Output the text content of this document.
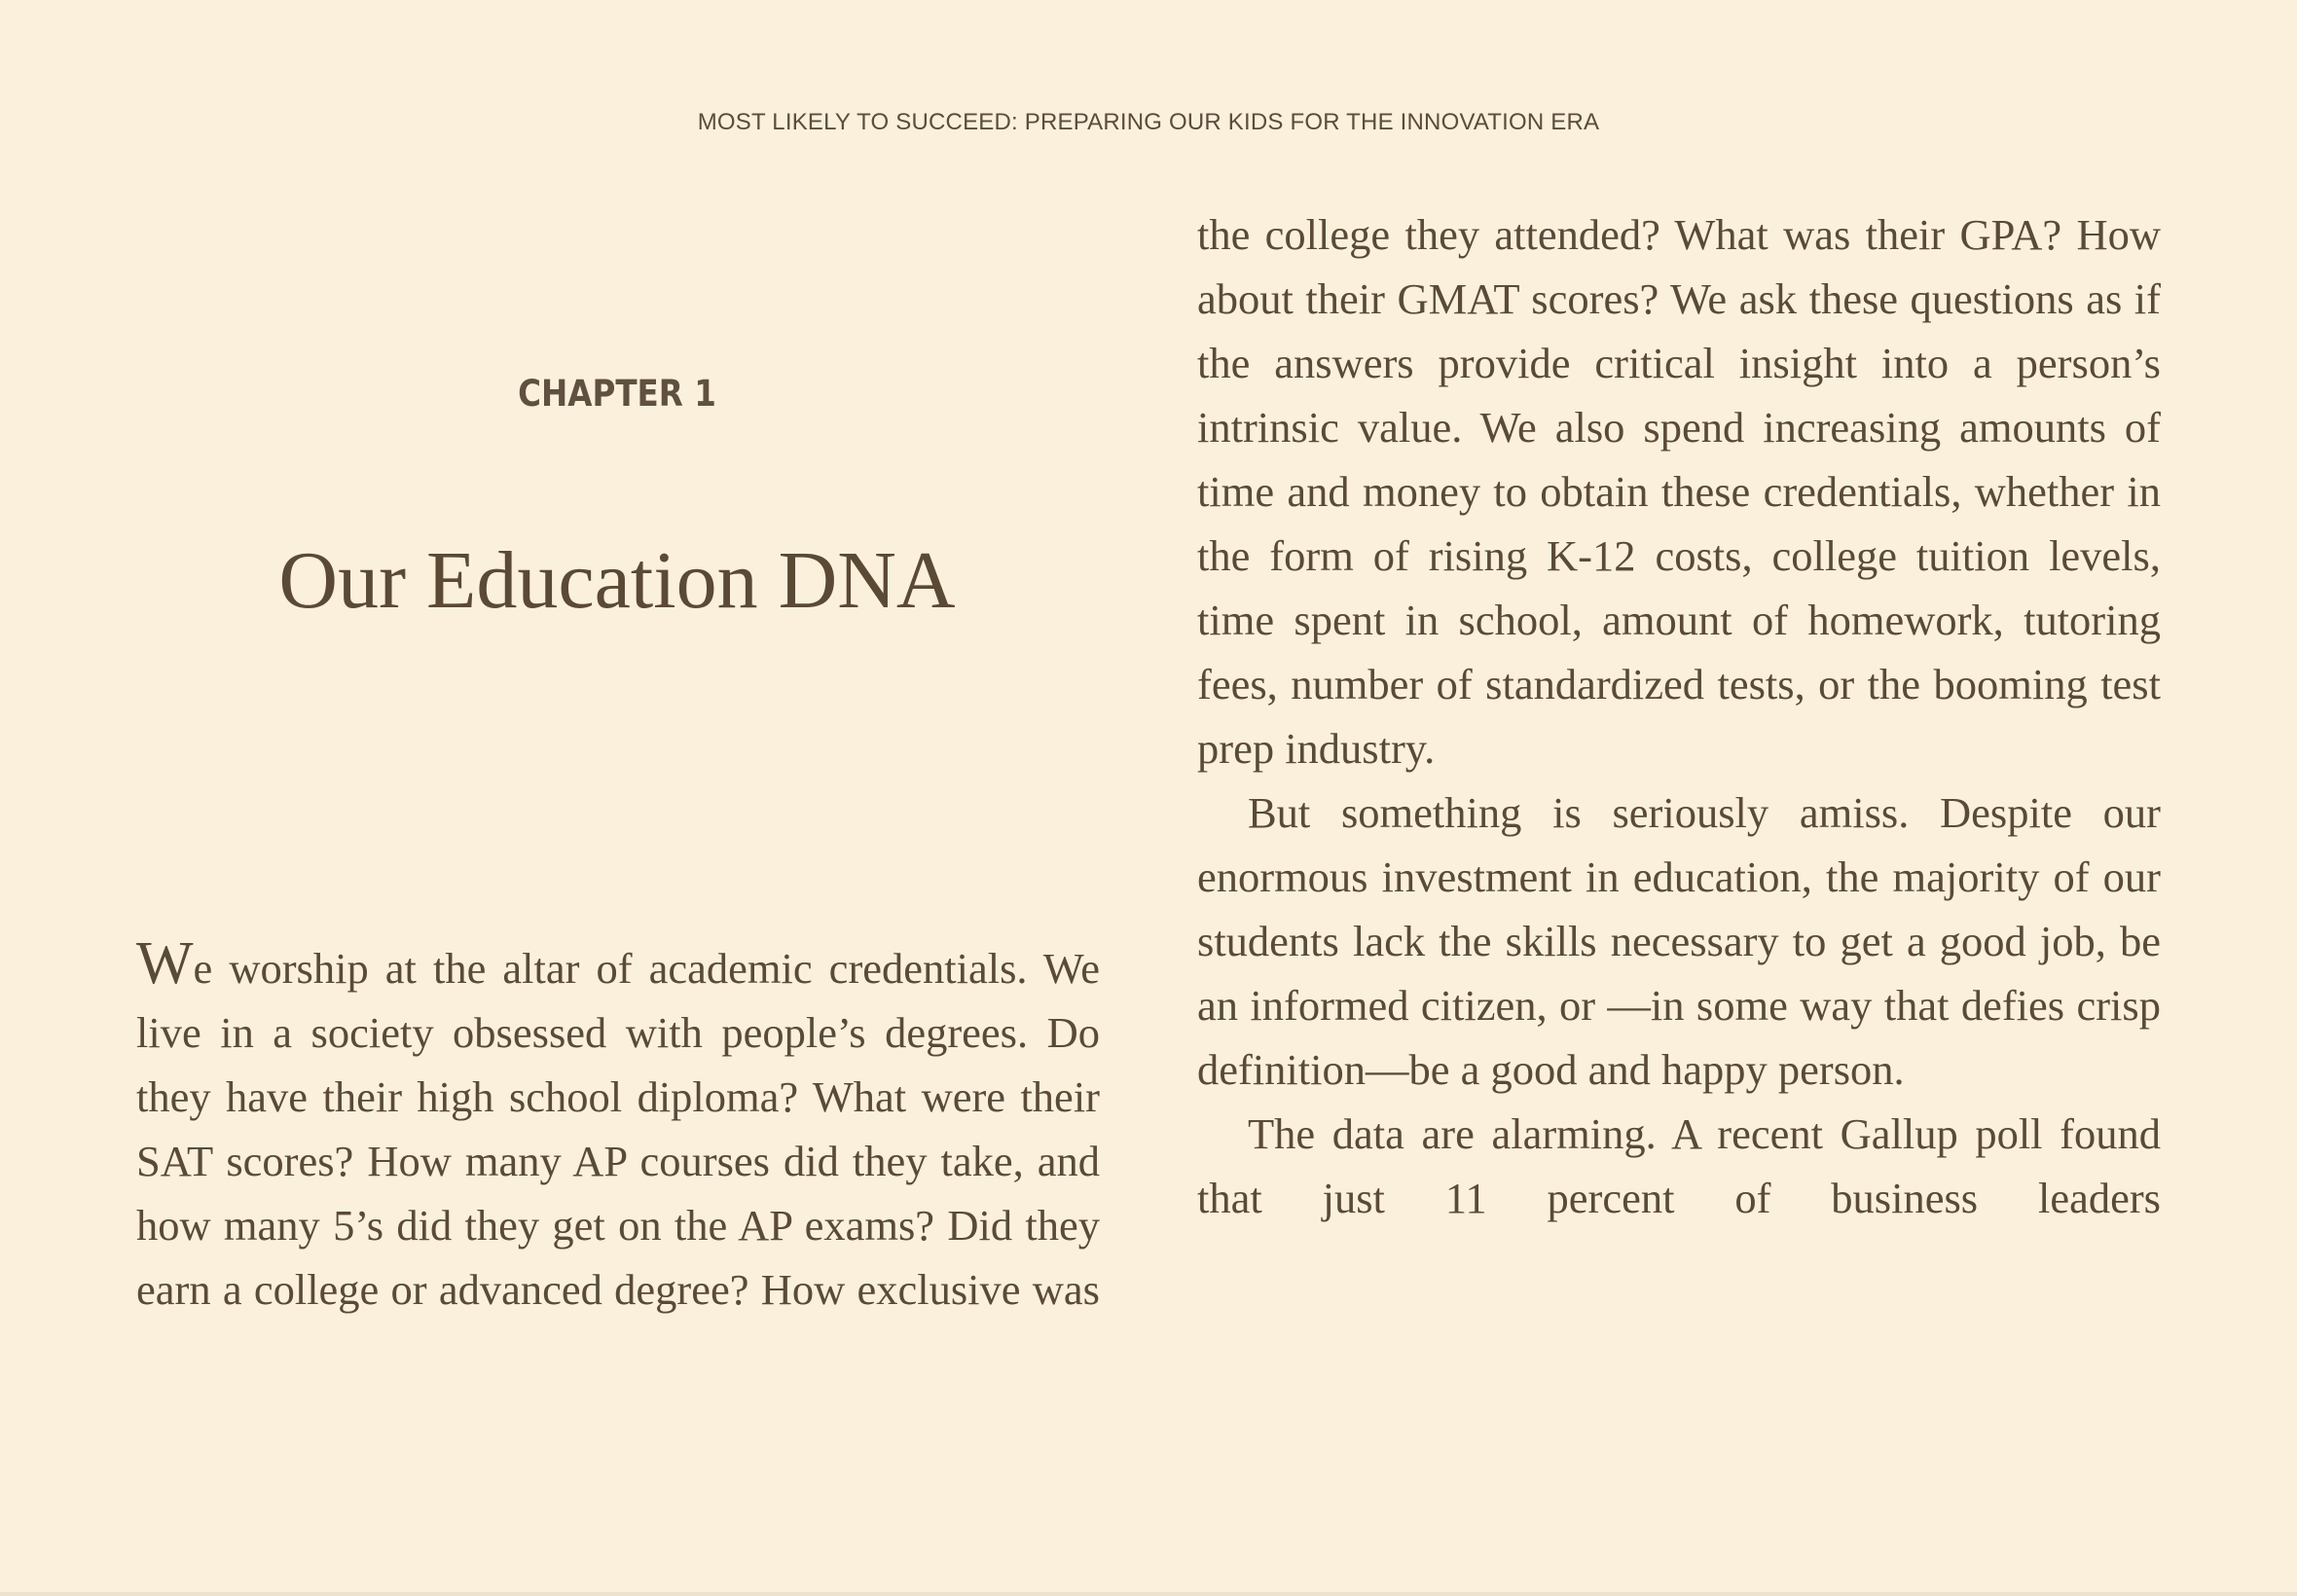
MOST LIKELY TO SUCCEED: PREPARING OUR KIDS FOR THE INNOVATION ERA
CHAPTER 1
Our Education DNA

We worship at the altar of academic credentials. We live in a society obsessed with people’s degrees. Do they have their high school diploma? What were their SAT scores? How many AP courses did they take, and how many 5’s did they get on the AP exams? Did they earn a college or advanced degree? How exclusive was

the college they attended? What was their GPA? How about their GMAT scores? We ask these questions as if the answers provide critical insight into a person’s intrinsic value. We also spend increasing amounts of time and money to obtain these credentials, whether in the form of rising K-12 costs, college tuition levels, time spent in school, amount of homework, tutoring fees, number of standardized tests, or the booming test prep industry.

But something is seriously amiss. Despite our enormous investment in education, the majority of our students lack the skills necessary to get a good job, be an informed citizen, or —in some way that defies crisp definition—be a good and happy person.

The data are alarming. A recent Gallup poll found that just 11 percent of business leaders
